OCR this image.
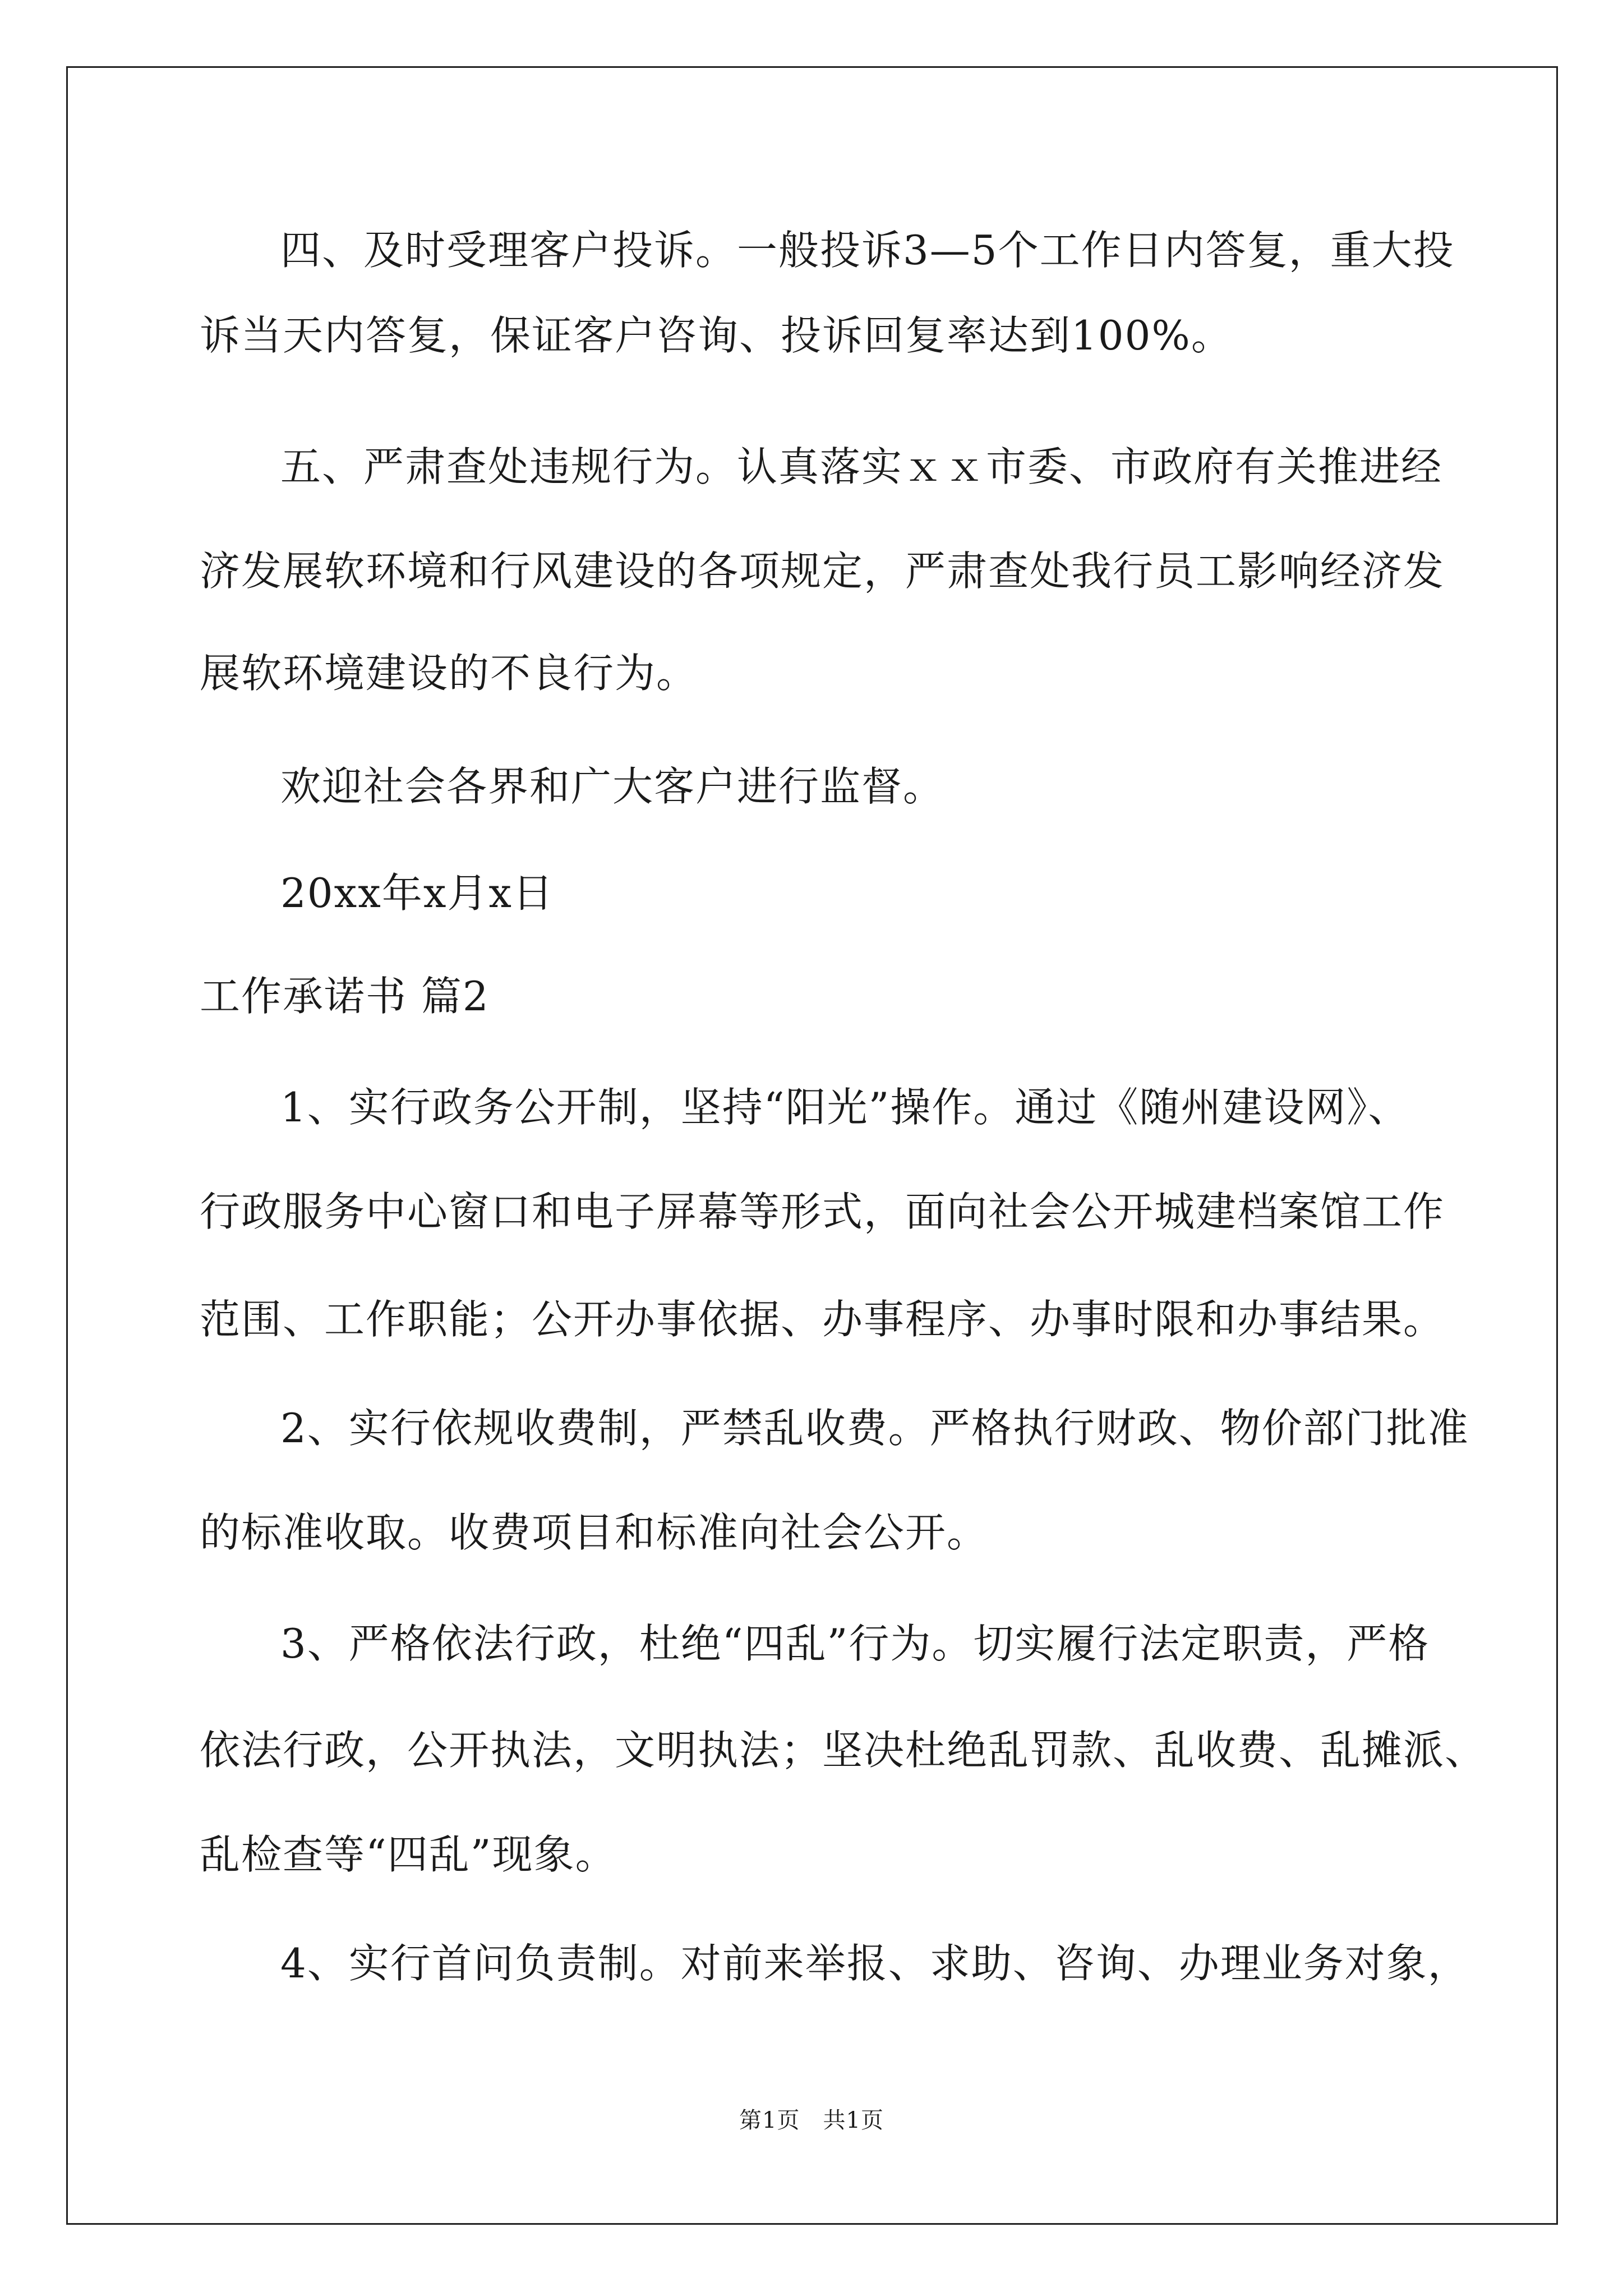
四、及时受理客户投诉。一般投诉3—5个工作日内答复，重大投
诉当天内答复，保证客户咨询、投诉回复率达到100%。
五、严肃查处违规行为。认真落实ｘｘ市委、市政府有关推进经
济发展软环境和行风建设的各项规定，严肃查处我行员工影响经济发
展软环境建设的不良行为。
欢迎社会各界和广大客户进行监督。
20xx年x月x日
工作承诺书 篇2
1、实行政务公开制，坚持“阳光”操作。通过《随州建设网》、
行政服务中心窗口和电子屏幕等形式，面向社会公开城建档案馆工作
范围、工作职能；公开办事依据、办事程序、办事时限和办事结果。
2、实行依规收费制，严禁乱收费。严格执行财政、物价部门批准
的标准收取。收费项目和标准向社会公开。
3、严格依法行政，杜绝“四乱”行为。切实履行法定职责，严格
依法行政，公开执法，文明执法；坚决杜绝乱罚款、乱收费、乱摊派、
乱检查等“四乱”现象。
4、实行首问负责制。对前来举报、求助、咨询、办理业务对象，
第1页　共1页
